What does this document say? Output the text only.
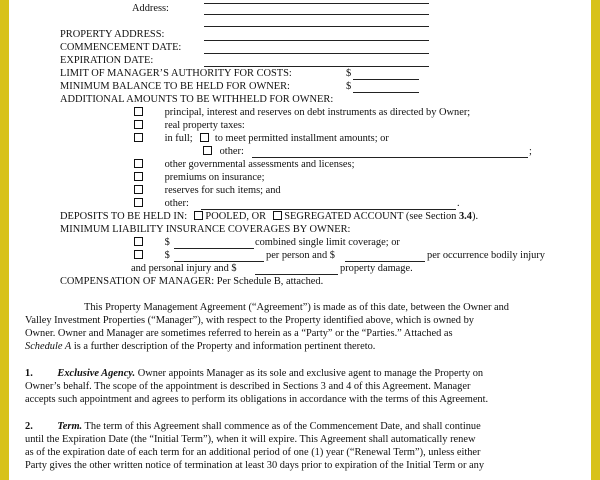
Address:
PROPERTY ADDRESS:
COMMENCEMENT DATE:
EXPIRATION DATE:
LIMIT OF MANAGER’S AUTHORITY FOR COSTS:	$
MINIMUM BALANCE TO BE HELD FOR OWNER:	$
ADDITIONAL AMOUNTS TO BE WITHHELD FOR OWNER:
principal, interest and reserves on debt instruments as directed by Owner;
real property taxes:
in full; to meet permitted installment amounts; or
other:	;
other governmental assessments and licenses;
premiums on insurance;
reserves for such items; and
other:	.
DEPOSITS TO BE HELD IN: POOLED, OR SEGREGATED ACCOUNT (see Section 3.4).
MINIMUM LIABILITY INSURANCE COVERAGES BY OWNER:
$	combined single limit coverage; or
$	per person and $	per occurrence bodily injury
and personal injury and $	property damage.
COMPENSATION OF MANAGER: Per Schedule B, attached.
This Property Management Agreement (“Agreement”) is made as of this date, between the Owner and
Valley Investment Properties (“Manager”), with respect to the Property identified above, which is owned by
Owner. Owner and Manager are sometimes referred to herein as a “Party” or the “Parties.” Attached as
Schedule A is a further description of the Property and information pertinent thereto.
1. Exclusive Agency. Owner appoints Manager as its sole and exclusive agent to manage the Property on
Owner’s behalf. The scope of the appointment is described in Sections 3 and 4 of this Agreement. Manager
accepts such appointment and agrees to perform its obligations in accordance with the terms of this Agreement.
2. Term. The term of this Agreement shall commence as of the Commencement Date, and shall continue
until the Expiration Date (the “Initial Term”), when it will expire. This Agreement shall automatically renew
as of the expiration date of each term for an additional period of one (1) year (“Renewal Term”), unless either
Party gives the other written notice of termination at least 30 days prior to expiration of the Initial Term or any
